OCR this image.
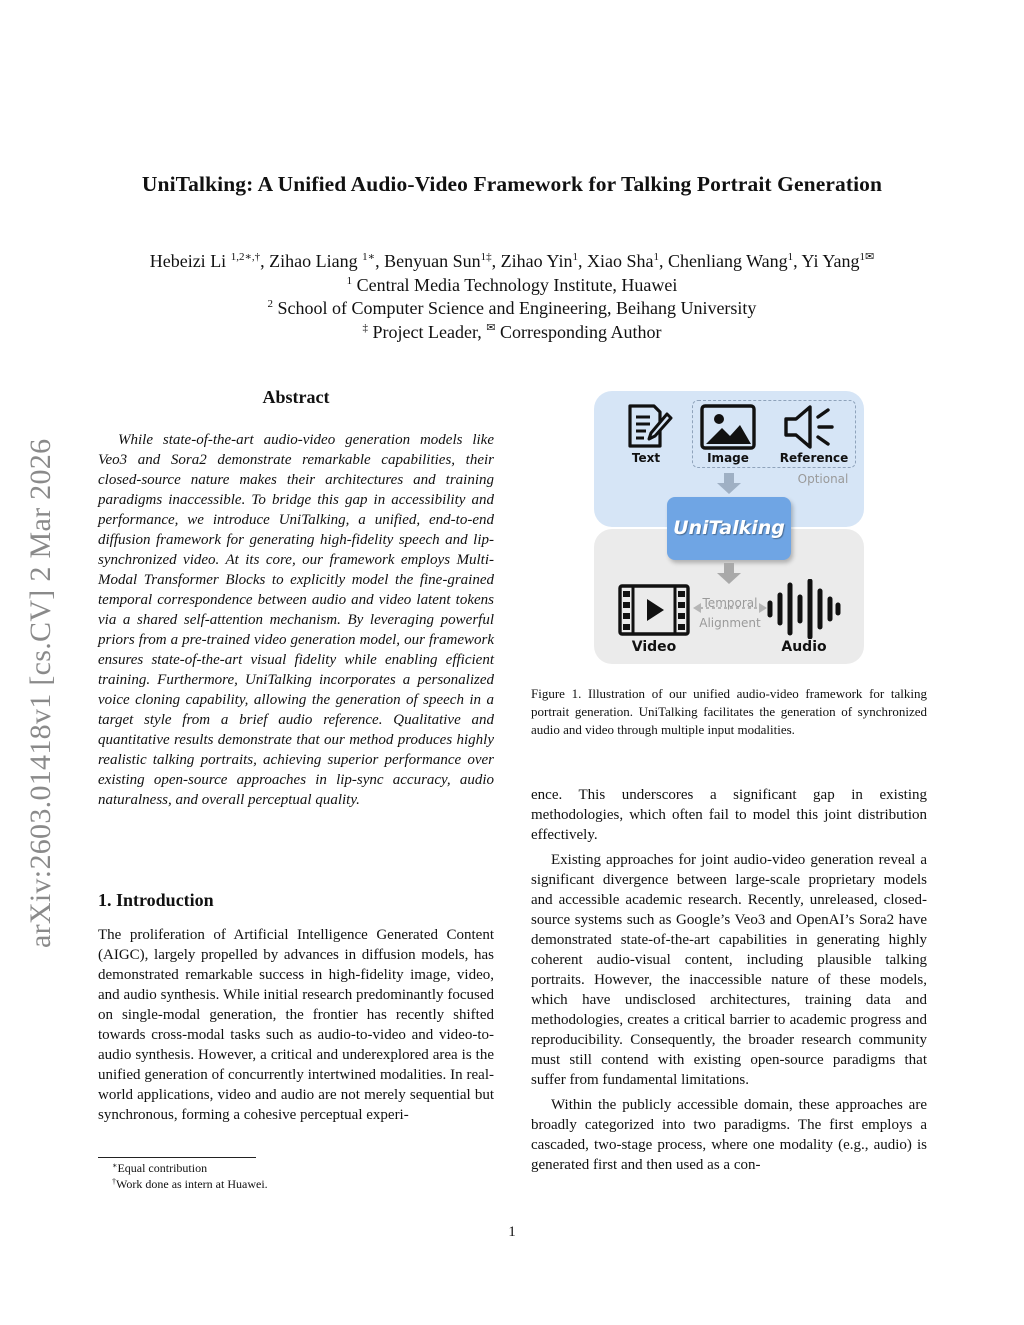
UniTalking: A Unified Audio-Video Framework for Talking Portrait Generation
Hebeizi Li $^{1,2∗,\dagger}$, Zihao Liang $^{1∗}$, Benyuan Sun$^{1\ddagger}$, Zihao Yin$^1$, Xiao Sha$^1$, Chenliang Wang$^1$, Yi Yang$^{1✉}$
$^1$ Central Media Technology Institute, Huawei
$^2$ School of Computer Science and Engineering, Beihang University
‡ Project Leader, ✉ Corresponding Author
arXiv:2603.01418v1 [cs.CV] 2 Mar 2026
Abstract

While state-of-the-art audio-video generation models like Veo3 and Sora2 demonstrate remarkable capabilities, their closed-source nature makes their architectures and training paradigms inaccessible. To bridge this gap in accessibility and performance, we introduce UniTalking, a unified, end-to-end diffusion framework for generating high-fidelity speech and lip-synchronized video. At its core, our framework employs Multi-Modal Transformer Blocks to explicitly model the fine-grained temporal correspondence between audio and video latent tokens via a shared self-attention mechanism. By leveraging powerful priors from a pre-trained video generation model, our framework ensures state-of-the-art visual fidelity while enabling efficient training. Furthermore, UniTalking incorporates a personalized voice cloning capability, allowing the generation of speech in a target style from a brief audio reference. Qualitative and quantitative results demonstrate that our method produces highly realistic talking portraits, achieving superior performance over existing open-source approaches in lip-sync accuracy, audio naturalness, and overall perceptual quality.

1. Introduction

The proliferation of Artificial Intelligence Generated Content (AIGC), largely propelled by advances in diffusion models, has demonstrated remarkable success in high-fidelity image, video, and audio synthesis. While initial research predominantly focused on single-modal generation, the frontier has recently shifted towards cross-modal tasks such as audio-to-video and video-to-audio synthesis. However, a critical and underexplored area is the unified generation of concurrently intertwined modalities. In real-world applications, video and audio are not merely sequential but synchronous, forming a cohesive perceptual experi-

∗Equal contribution
†Work done as intern at Huawei.
Text	Image	Reference
Optional
UniTalking
Video
Temporal
Alignment
Audio
Figure 1. Illustration of our unified audio-video framework for talking portrait generation. UniTalking facilitates the generation of synchronized audio and video through multiple input modalities.

ence. This underscores a significant gap in existing methodologies, which often fail to model this joint distribution effectively.

Existing approaches for joint audio-video generation reveal a significant divergence between large-scale proprietary models and accessible academic research. Recently, unreleased, closed-source systems such as Google’s Veo3 and OpenAI’s Sora2 have demonstrated state-of-the-art capabilities in generating highly coherent audio-visual content, including plausible talking portraits. However, the inaccessible nature of these models, which have undisclosed architectures, training data and methodologies, creates a critical barrier to academic progress and reproducibility. Consequently, the broader research community must still contend with existing open-source paradigms that suffer from fundamental limitations.

Within the publicly accessible domain, these approaches are broadly categorized into two paradigms. The first employs a cascaded, two-stage process, where one modality (e.g., audio) is generated first and then used as a con-

1
